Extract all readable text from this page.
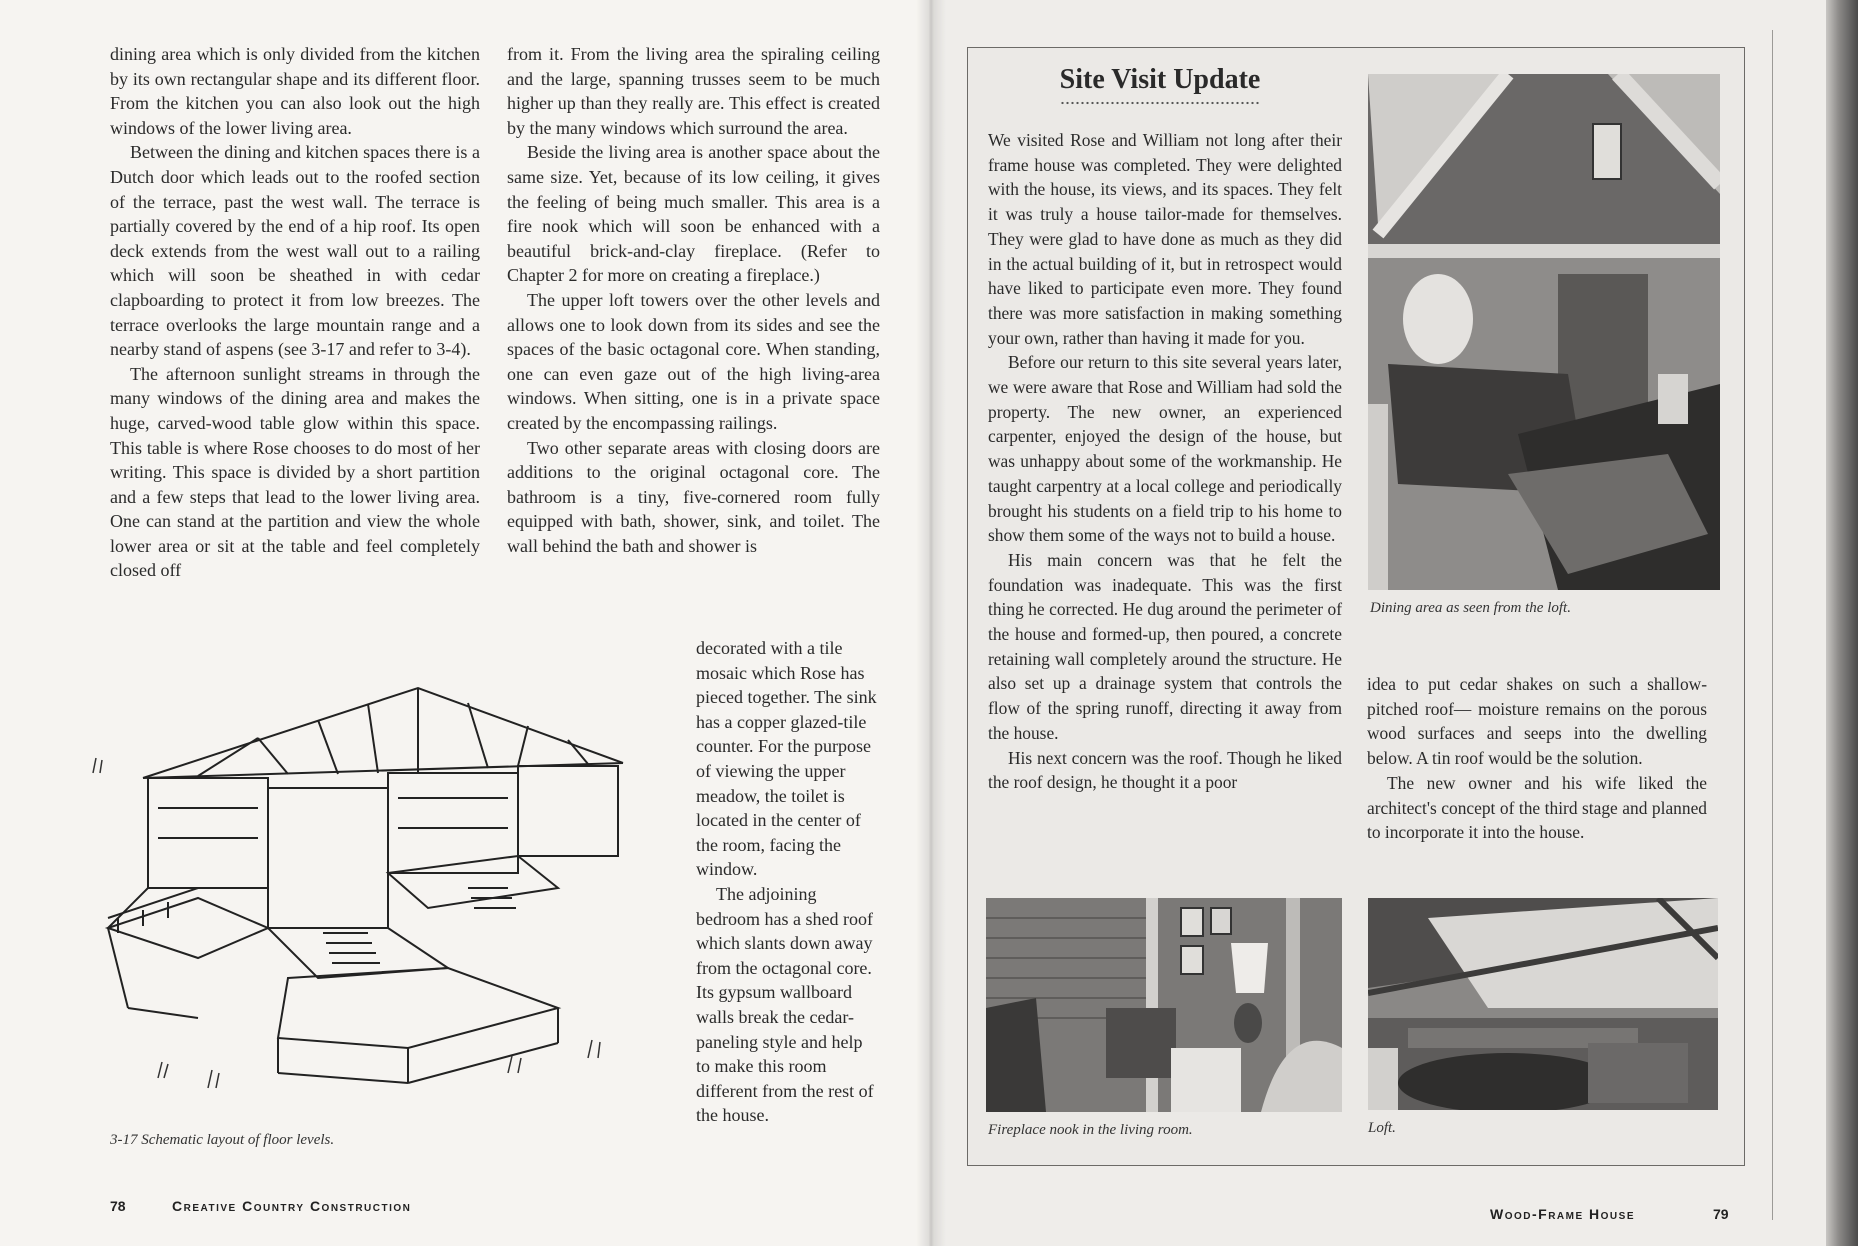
dining area which is only divided from the kitchen by its own rectangular shape and its different floor. From the kitchen you can also look out the high windows of the lower living area.

Between the dining and kitchen spaces there is a Dutch door which leads out to the roofed section of the terrace, past the west wall. The terrace is partially covered by the end of a hip roof. Its open deck extends from the west wall out to a railing which will soon be sheathed in with cedar clapboarding to protect it from low breezes. The terrace overlooks the large mountain range and a nearby stand of aspens (see 3-17 and refer to 3-4).

The afternoon sunlight streams in through the many windows of the dining area and makes the huge, carved-wood table glow within this space. This table is where Rose chooses to do most of her writing. This space is divided by a short partition and a few steps that lead to the lower living area. One can stand at the partition and view the whole lower area or sit at the table and feel completely closed off

from it. From the living area the spiraling ceiling and the large, spanning trusses seem to be much higher up than they really are. This effect is created by the many windows which surround the area.

Beside the living area is another space about the same size. Yet, because of its low ceiling, it gives the feeling of being much smaller. This area is a fire nook which will soon be enhanced with a beautiful brick-and-clay fireplace. (Refer to Chapter 2 for more on creating a fireplace.)

The upper loft towers over the other levels and allows one to look down from its sides and see the spaces of the basic octagonal core. When standing, one can even gaze out of the high living-area windows. When sitting, one is in a private space created by the encompassing railings.

Two other separate areas with closing doors are additions to the original octagonal core. The bathroom is a tiny, five-cornered room fully equipped with bath, shower, sink, and toilet. The wall behind the bath and shower is

decorated with a tile mosaic which Rose has pieced together. The sink has a copper glazed-tile counter. For the purpose of viewing the upper meadow, the toilet is located in the center of the room, facing the window.

The adjoining bedroom has a shed roof which slants down away from the octagonal core. Its gypsum wallboard walls break the cedar-paneling style and help to make this room different from the rest of the house.

3-17 Schematic layout of floor levels.
78	Creative Country Construction
Site Visit Update

We visited Rose and William not long after their frame house was completed. They were delighted with the house, its views, and its spaces. They felt it was truly a house tailor-made for themselves. They were glad to have done as much as they did in the actual building of it, but in retrospect would have liked to participate even more. They found there was more satisfaction in making something your own, rather than having it made for you.

Before our return to this site several years later, we were aware that Rose and William had sold the property. The new owner, an experienced carpenter, enjoyed the design of the house, but was unhappy about some of the workmanship. He taught carpentry at a local college and periodically brought his students on a field trip to his home to show them some of the ways not to build a house.

His main concern was that he felt the foundation was inadequate. This was the first thing he corrected. He dug around the perimeter of the house and formed-up, then poured, a concrete retaining wall completely around the structure. He also set up a drainage system that controls the flow of the spring runoff, directing it away from the house.

His next concern was the roof. Though he liked the roof design, he thought it a poor

idea to put cedar shakes on such a shallow-pitched roof— moisture remains on the porous wood surfaces and seeps into the dwelling below. A tin roof would be the solution.

The new owner and his wife liked the architect's concept of the third stage and planned to incorporate it into the house.

Dining area as seen from the loft.
Fireplace nook in the living room.	Loft.
Wood-Frame House	79
